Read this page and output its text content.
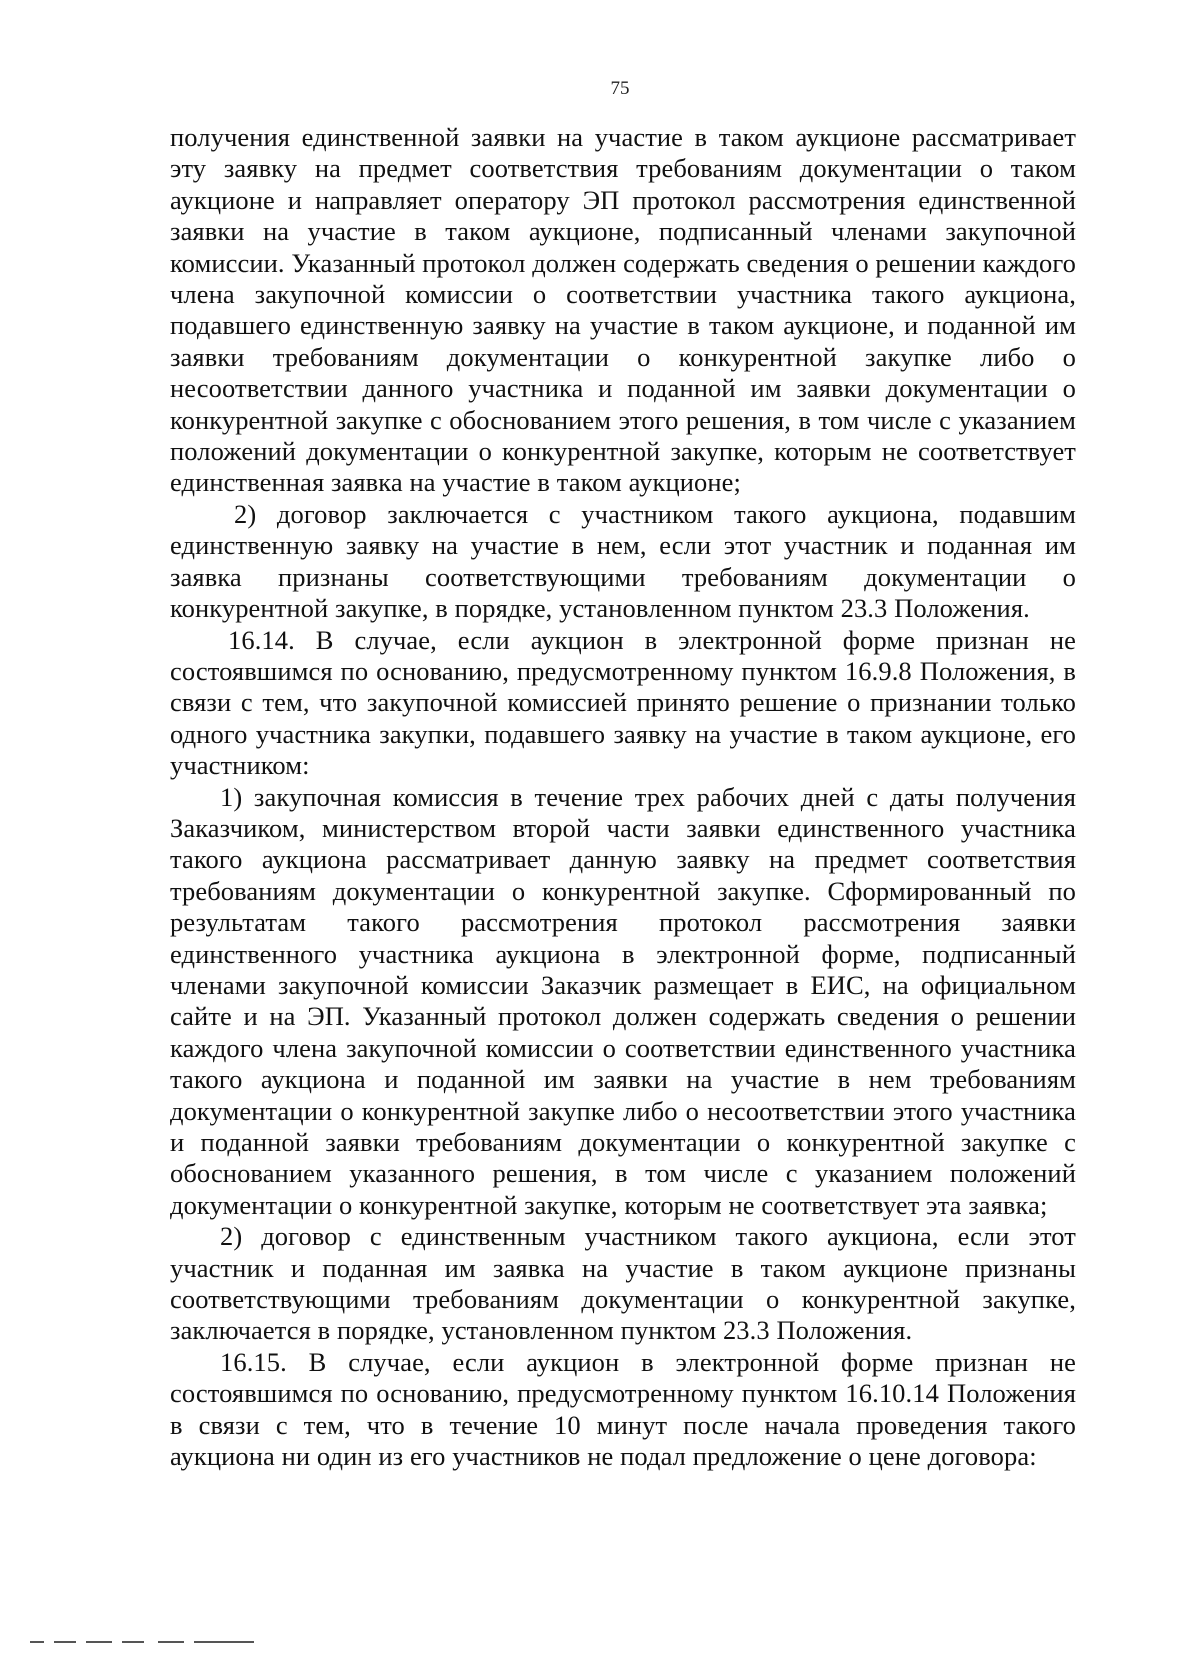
75

получения единственной заявки на участие в таком аукционе рассматривает эту заявку на предмет соответствия требованиям документации о таком аукционе и направляет оператору ЭП протокол рассмотрения единственной заявки на участие в таком аукционе, подписанный членами закупочной комиссии. Указанный протокол должен содержать сведения о решении каждого члена закупочной комиссии о соответствии участника такого аукциона, подавшего единственную заявку на участие в таком аукционе, и поданной им заявки требованиям документации о конкурентной закупке либо о несоответствии данного участника и поданной им заявки документации о конкурентной закупке с обоснованием этого решения, в том числе с указанием положений документации о конкурентной закупке, которым не соответствует единственная заявка на участие в таком аукционе;

2) договор заключается с участником такого аукциона, подавшим единственную заявку на участие в нем, если этот участник и поданная им заявка признаны соответствующими требованиям документации о конкурентной закупке, в порядке, установленном пунктом 23.3 Положения.

16.14. В случае, если аукцион в электронной форме признан не состоявшимся по основанию, предусмотренному пунктом 16.9.8 Положения, в связи с тем, что закупочной комиссией принято решение о признании только одного участника закупки, подавшего заявку на участие в таком аукционе, его участником:

1) закупочная комиссия в течение трех рабочих дней с даты получения Заказчиком, министерством второй части заявки единственного участника такого аукциона рассматривает данную заявку на предмет соответствия требованиям документации о конкурентной закупке. Сформированный по результатам такого рассмотрения протокол рассмотрения заявки единственного участника аукциона в электронной форме, подписанный членами закупочной комиссии Заказчик размещает в ЕИС, на официальном сайте и на ЭП. Указанный протокол должен содержать сведения о решении каждого члена закупочной комиссии о соответствии единственного участника такого аукциона и поданной им заявки на участие в нем требованиям документации о конкурентной закупке либо о несоответствии этого участника и поданной заявки требованиям документации о конкурентной закупке с обоснованием указанного решения, в том числе с указанием положений документации о конкурентной закупке, которым не соответствует эта заявка;

2) договор с единственным участником такого аукциона, если этот участник и поданная им заявка на участие в таком аукционе признаны соответствующими требованиям документации о конкурентной закупке, заключается в порядке, установленном пунктом 23.3 Положения.

16.15. В случае, если аукцион в электронной форме признан не состоявшимся по основанию, предусмотренному пунктом 16.10.14 Положения в связи с тем, что в течение 10 минут после начала проведения такого аукциона ни один из его участников не подал предложение о цене договора:
